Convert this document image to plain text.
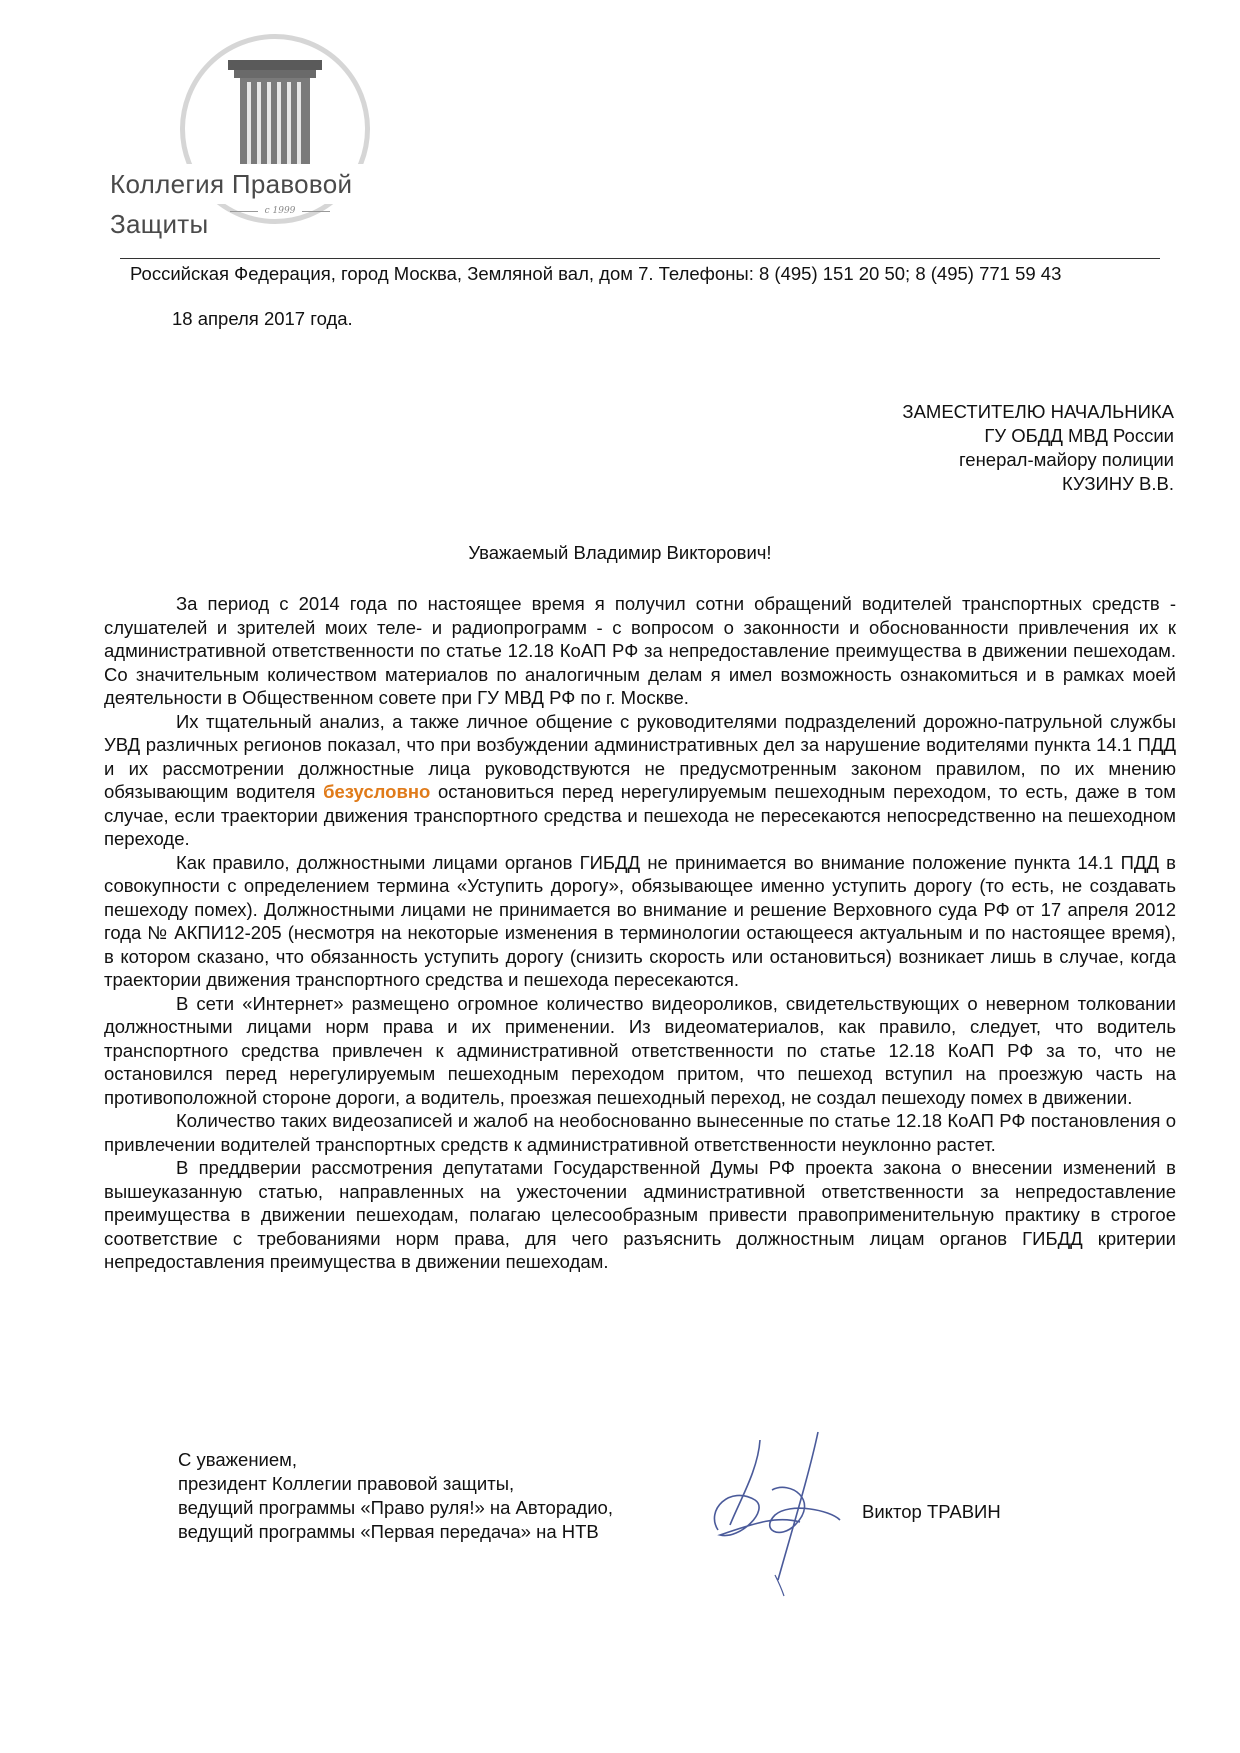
Коллегия Правовой Защиты	с 1999
Российская Федерация, город Москва, Земляной вал, дом 7. Телефоны: 8 (495) 151 20 50; 8 (495) 771 59 43
18 апреля 2017 года.
ЗАМЕСТИТЕЛЮ НАЧАЛЬНИКА
ГУ ОБДД МВД России
генерал-майору полиции
КУЗИНУ В.В.
Уважаемый Владимир Викторович!

За период с 2014 года по настоящее время я получил сотни обращений водителей транспортных средств - слушателей и зрителей моих теле- и радиопрограмм - с вопросом о законности и обоснованности привлечения их к административной ответственности по статье 12.18 КоАП РФ за непредоставление преимущества в движении пешеходам. Со значительным количеством материалов по аналогичным делам я имел возможность ознакомиться и в рамках моей деятельности в Общественном совете при ГУ МВД РФ по г. Москве.

Их тщательный анализ, а также личное общение с руководителями подразделений дорожно-патрульной службы УВД различных регионов показал, что при возбуждении административных дел за нарушение водителями пункта 14.1 ПДД и их рассмотрении должностные лица руководствуются не предусмотренным законом правилом, по их мнению обязывающим водителя безусловно остановиться перед нерегулируемым пешеходным переходом, то есть, даже в том случае, если траектории движения транспортного средства и пешехода не пересекаются непосредственно на пешеходном переходе.

Как правило, должностными лицами органов ГИБДД не принимается во внимание положение пункта 14.1 ПДД в совокупности с определением термина «Уступить дорогу», обязывающее именно уступить дорогу (то есть, не создавать пешеходу помех). Должностными лицами не принимается во внимание и решение Верховного суда РФ от 17 апреля 2012 года № АКПИ12-205 (несмотря на некоторые изменения в терминологии остающееся актуальным и по настоящее время), в котором сказано, что обязанность уступить дорогу (снизить скорость или остановиться) возникает лишь в случае, когда траектории движения транспортного средства и пешехода пересекаются.

В сети «Интернет» размещено огромное количество видеороликов, свидетельствующих о неверном толковании должностными лицами норм права и их применении. Из видеоматериалов, как правило, следует, что водитель транспортного средства привлечен к административной ответственности по статье 12.18 КоАП РФ за то, что не остановился перед нерегулируемым пешеходным переходом притом, что пешеход вступил на проезжую часть на противоположной стороне дороги, а водитель, проезжая пешеходный переход, не создал пешеходу помех в движении.

Количество таких видеозаписей и жалоб на необоснованно вынесенные по статье 12.18 КоАП РФ постановления о привлечении водителей транспортных средств к административной ответственности неуклонно растет.

В преддверии рассмотрения депутатами Государственной Думы РФ проекта закона о внесении изменений в вышеуказанную статью, направленных на ужесточении административной ответственности за непредоставление преимущества в движении пешеходам, полагаю целесообразным привести правоприменительную практику в строгое соответствие с требованиями норм права, для чего разъяснить должностным лицам органов ГИБДД критерии непредоставления преимущества в движении пешеходам.

С уважением,
президент Коллегии правовой защиты,
ведущий программы «Право руля!» на Авторадио,
ведущий программы «Первая передача» на НТВ
Виктор ТРАВИН
